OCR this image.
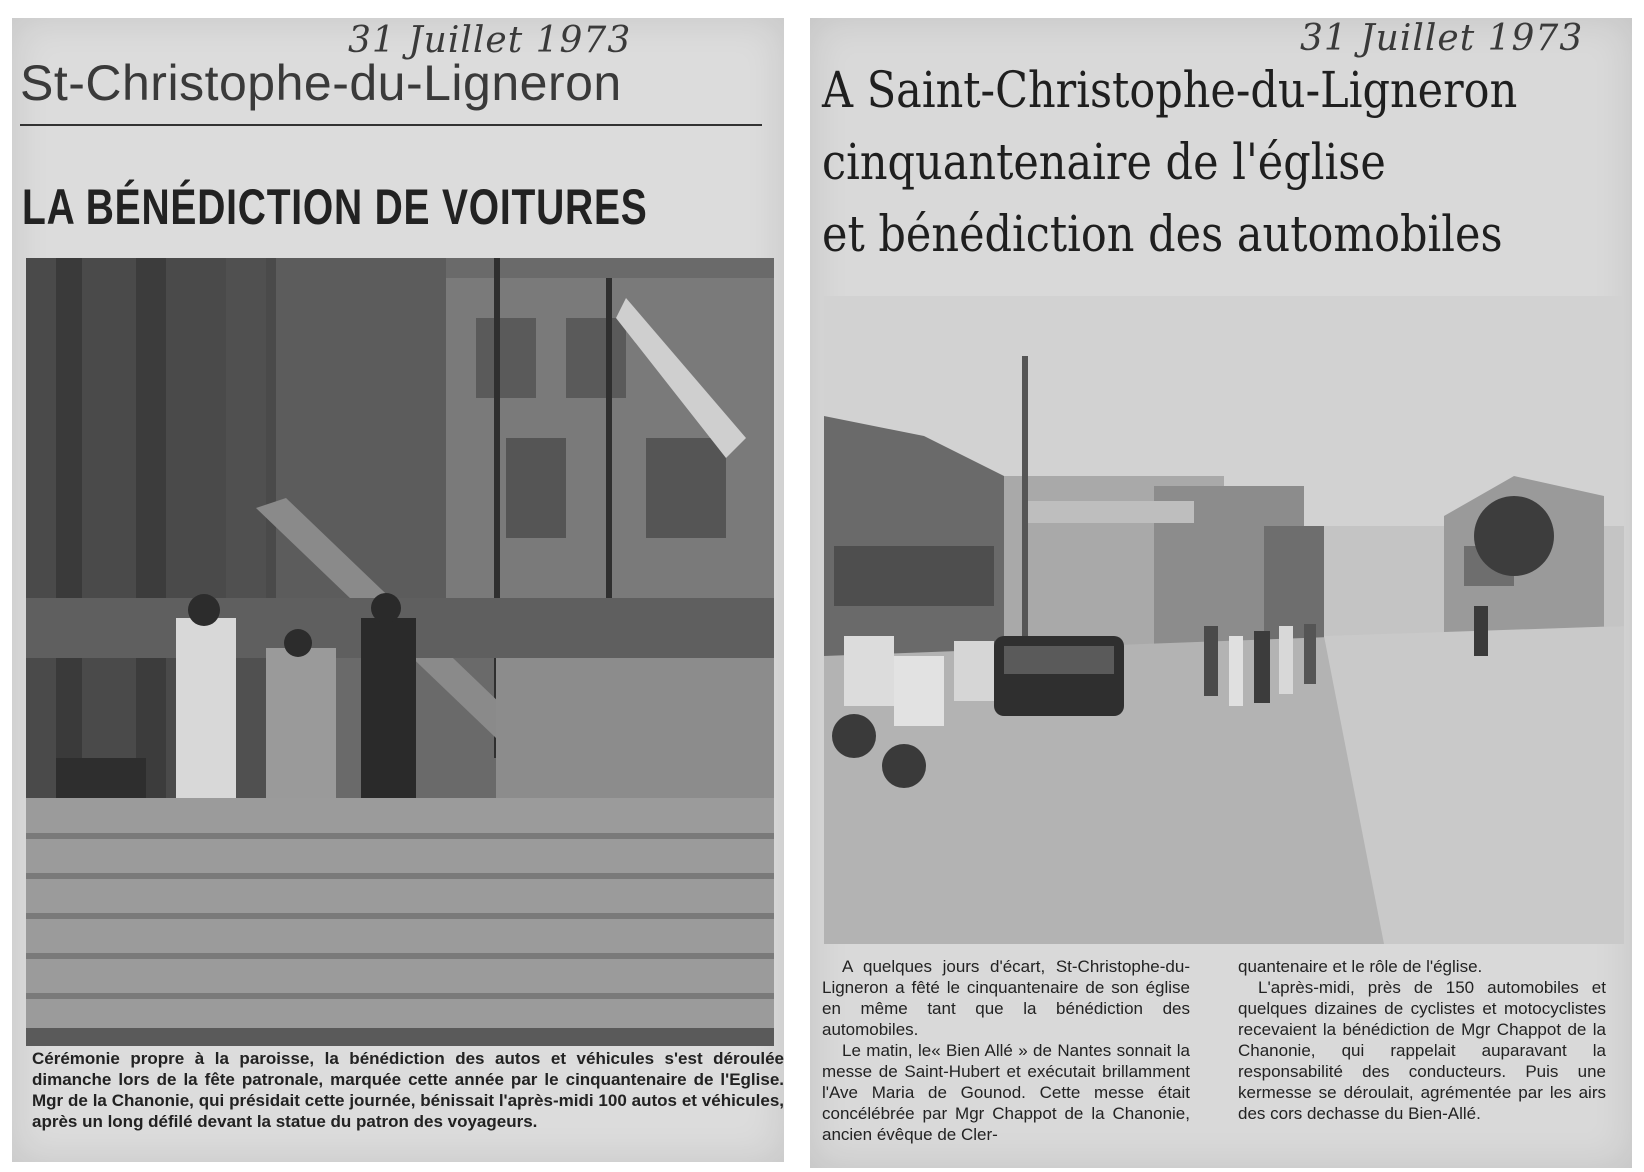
31 Juillet 1973
St-Christophe-du-Ligneron
LA BÉNÉDICTION DE VOITURES
Cérémonie propre à la paroisse, la bénédiction des autos et véhicules s'est déroulée dimanche lors de la fête patronale, marquée cette année par le cinquantenaire de l'Eglise. Mgr de la Chanonie, qui présidait cette journée, bénissait l'après-midi 100 autos et véhicules, après un long défilé devant la statue du patron des voyageurs.
31 Juillet 1973
A Saint-Christophe-du-Ligneron
cinquantenaire de l'église
et bénédiction des automobiles

A quelques jours d'écart, St-Christophe-du-Ligneron a fêté le cinquantenaire de son église en même tant que la bénédiction des automobiles.

Le matin, le« Bien Allé » de Nantes sonnait la messe de Saint-Hubert et exécutait brillamment l'Ave Maria de Gounod. Cette messe était concélébrée par Mgr Chappot de la Chanonie, ancien évêque de Cler-

quantenaire et le rôle de l'église.

L'après-midi, près de 150 automobiles et quelques dizaines de cyclistes et motocyclistes recevaient la bénédiction de Mgr Chappot de la Chanonie, qui rappelait auparavant la responsabilité des conducteurs. Puis une kermesse se déroulait, agrémentée par les airs des cors dechasse du Bien-Allé.
